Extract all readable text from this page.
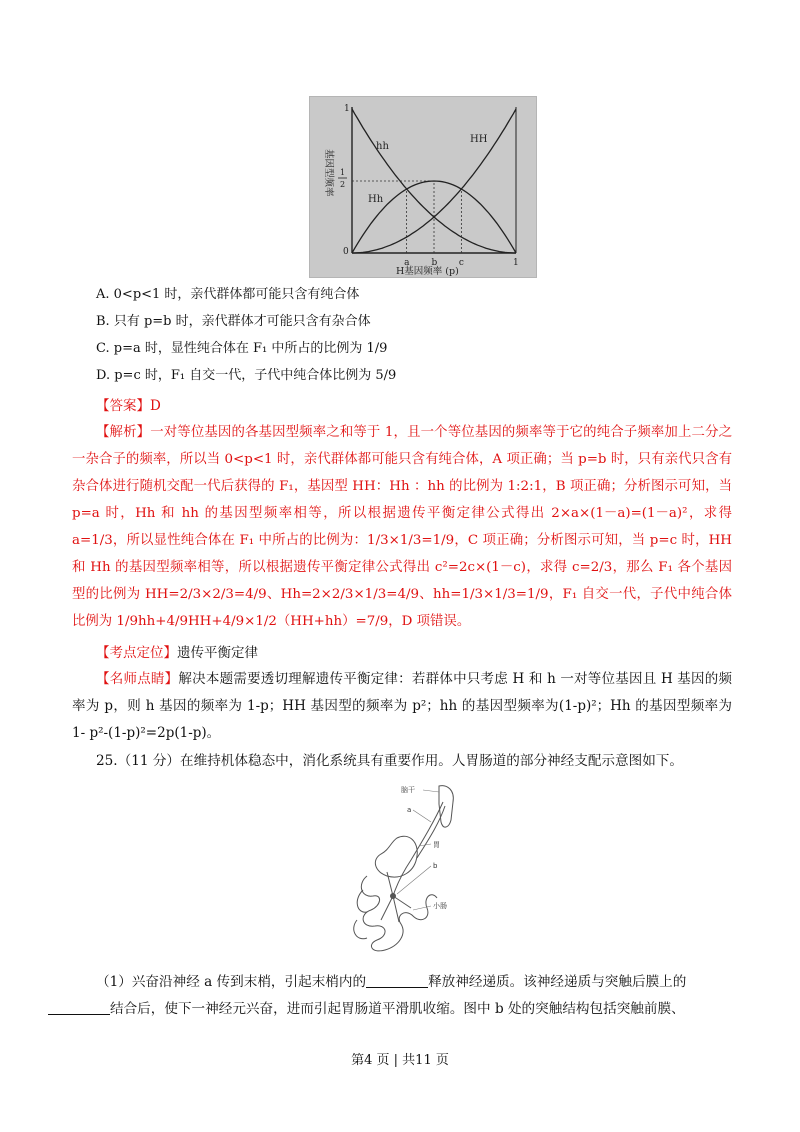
1
1
2
0
基因型频率
H基因频率 (p)
hh
HH
Hh
a b c	1
A. 0<p<1 时，亲代群体都可能只含有纯合体
B. 只有 p=b 时，亲代群体才可能只含有杂合体
C. p=a 时，显性纯合体在 F₁ 中所占的比例为 1/9
D. p=c 时，F₁ 自交一代，子代中纯合体比例为 5/9
【答案】D
【解析】一对等位基因的各基因型频率之和等于 1，且一个等位基因的频率等于它的纯合子频率加上二分之一杂合子的频率，所以当 0<p<1 时，亲代群体都可能只含有纯合体，A 项正确；当 p=b 时，只有亲代只含有杂合体进行随机交配一代后获得的 F₁，基因型 HH：Hh ：hh 的比例为 1:2:1，B 项正确；分析图示可知，当 p=a 时，Hh 和 hh 的基因型频率相等，所以根据遗传平衡定律公式得出 2×a×(1－a)=(1－a)²，求得 a=1/3，所以显性纯合体在 F₁ 中所占的比例为：1/3×1/3=1/9，C 项正确；分析图示可知，当 p=c 时，HH 和 Hh 的基因型频率相等，所以根据遗传平衡定律公式得出 c²=2c×(1－c)，求得 c=2/3，那么 F₁ 各个基因型的比例为 HH=2/3×2/3=4/9、Hh=2×2/3×1/3=4/9、hh=1/3×1/3=1/9，F₁ 自交一代，子代中纯合体比例为 1/9hh+4/9HH+4/9×1/2（HH+hh）=7/9，D 项错误。
【考点定位】遗传平衡定律
【名师点睛】解决本题需要透切理解遗传平衡定律：若群体中只考虑 H 和 h 一对等位基因且 H 基因的频率为 p，则 h 基因的频率为 1-p；HH 基因型的频率为 p²；hh 的基因型频率为(1-p)²；Hh 的基因型频率为 1- p²-(1-p)²=2p(1-p)。
25.（11 分）在维持机体稳态中，消化系统具有重要作用。人胃肠道的部分神经支配示意图如下。
脑干
a
胃
b
小肠
（1）兴奋沿神经 a 传到末梢，引起末梢内的	释放神经递质。该神经递质与突触后膜上的
结合后，使下一神经元兴奋，进而引起胃肠道平滑肌收缩。图中 b 处的突触结构包括突触前膜、
第4 页 | 共11 页
